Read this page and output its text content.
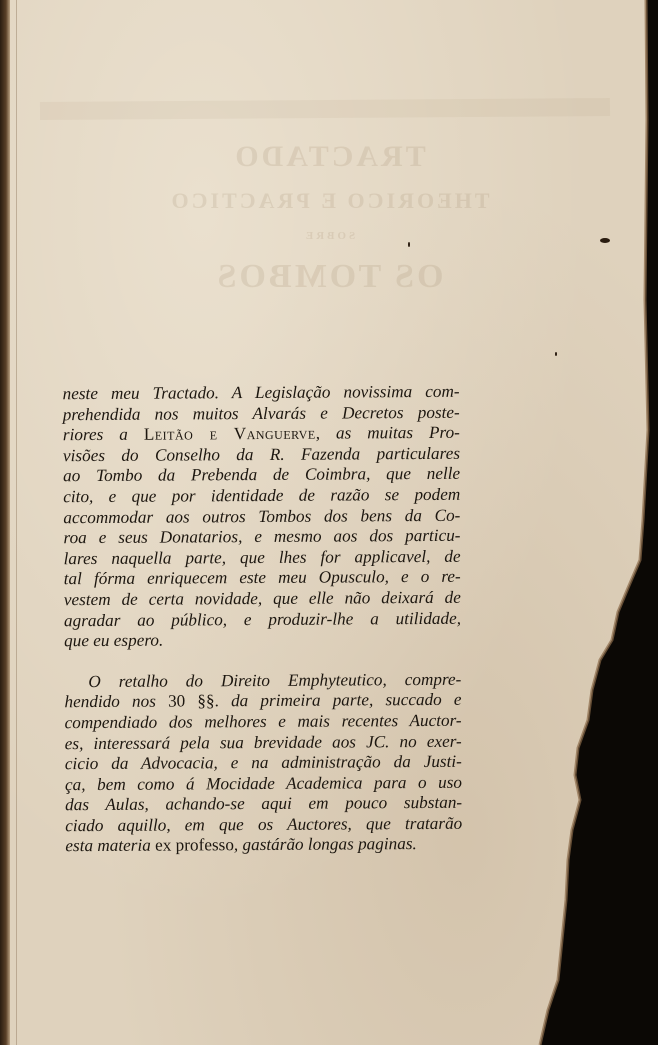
TRACTADO
THEORICO E PRACTICO
SOBRE
OS TOMBOS
neste meu Tractado. A Legislação novissima com-
prehendida nos muitos Alvarás e Decretos poste-
riores a Leitão e Vanguerve, as muitas Pro-
visões do Conselho da R. Fazenda particulares
ao Tombo da Prebenda de Coimbra, que nelle
cito, e que por identidade de razão se podem
accommodar aos outros Tombos dos bens da Co-
roa e seus Donatarios, e mesmo aos dos particu-
lares naquella parte, que lhes for applicavel, de
tal fórma enriquecem este meu Opusculo, e o re-
vestem de certa novidade, que elle não deixará de
agradar ao público, e produzir-lhe a utilidade,
que eu espero.
O retalho do Direito Emphyteutico, compre-
hendido nos 30 §§. da primeira parte, succado e
compendiado dos melhores e mais recentes Auctor-
es, interessará pela sua brevidade aos JC. no exer-
cicio da Advocacia, e na administração da Justi-
ça, bem como á Mocidade Academica para o uso
das Aulas, achando-se aqui em pouco substan-
ciado aquillo, em que os Auctores, que tratarão
esta materia ex professo, gastárão longas paginas.
